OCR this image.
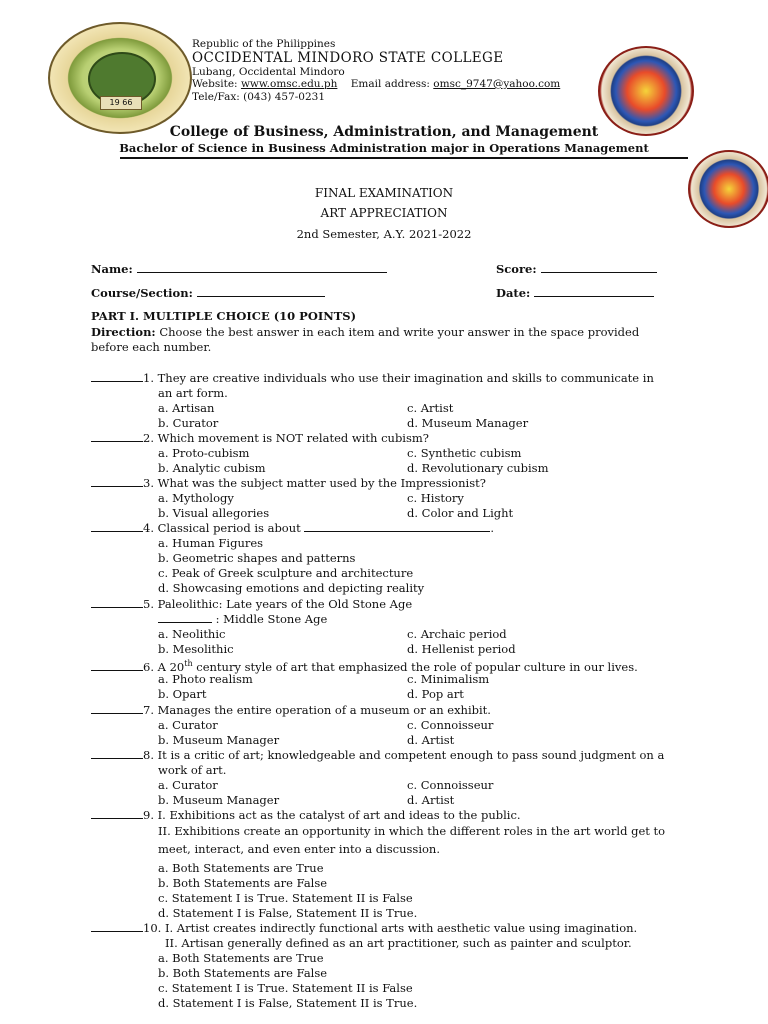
19 66
Republic of the Philippines
OCCIDENTAL MINDORO STATE COLLEGE
Lubang, Occidental Mindoro
Website: www.omsc.edu.ph Email address: omsc_9747@yahoo.com
Tele/Fax: (043) 457-0231
College of Business, Administration, and Management
Bachelor of Science in Business Administration major in Operations Management
FINAL EXAMINATION
ART APPRECIATION
2nd Semester, A.Y. 2021-2022
Name:	Score:
Course/Section:	Date:
PART I. MULTIPLE CHOICE (10 POINTS)
Direction: Choose the best answer in each item and write your answer in the space provided
before each number.
1. They are creative individuals who use their imagination and skills to communicate in
an art form.
a. Artisan	c. Artist
b. Curator	d. Museum Manager
2. Which movement is NOT related with cubism?
a. Proto-cubism	c. Synthetic cubism
b. Analytic cubism	d. Revolutionary cubism
3. What was the subject matter used by the Impressionist?
a. Mythology	c. History
b. Visual allegories	d. Color and Light
4. Classical period is about	.
a. Human Figures
b. Geometric shapes and patterns
c. Peak of Greek sculpture and architecture
d. Showcasing emotions and depicting reality
5. Paleolithic: Late years of the Old Stone Age
: Middle Stone Age
a. Neolithic	c. Archaic period
b. Mesolithic	d. Hellenist period
6. A 20th century style of art that emphasized the role of popular culture in our lives.
a. Photo realism	c. Minimalism
b. Opart	d. Pop art
7. Manages the entire operation of a museum or an exhibit.
a. Curator	c. Connoisseur
b. Museum Manager	d. Artist
8. It is a critic of art; knowledgeable and competent enough to pass sound judgment on a
work of art.
a. Curator	c. Connoisseur
b. Museum Manager	d. Artist
9. I. Exhibitions act as the catalyst of art and ideas to the public.
II. Exhibitions create an opportunity in which the different roles in the art world get to
meet, interact, and even enter into a discussion.
a. Both Statements are True
b. Both Statements are False
c. Statement I is True. Statement II is False
d. Statement I is False, Statement II is True.
10. I. Artist creates indirectly functional arts with aesthetic value using imagination.
II. Artisan generally defined as an art practitioner, such as painter and sculptor.
a. Both Statements are True
b. Both Statements are False
c. Statement I is True. Statement II is False
d. Statement I is False, Statement II is True.
